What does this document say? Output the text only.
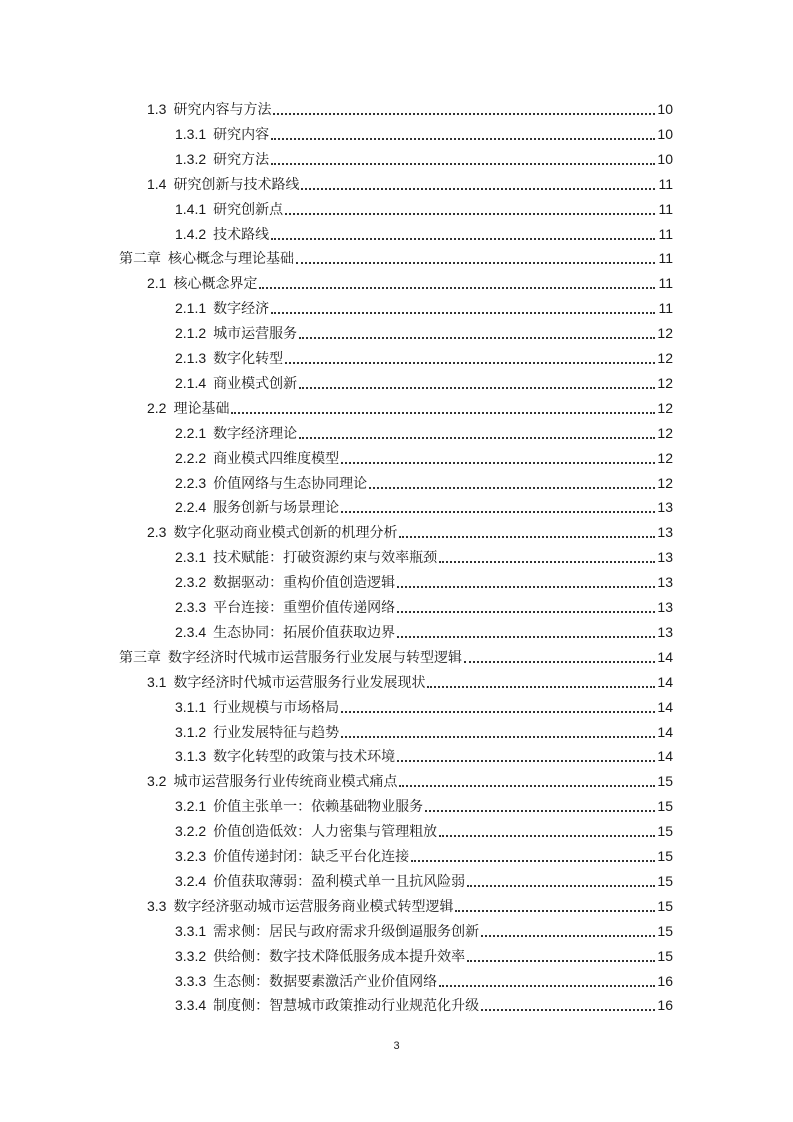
1.3 研究内容与方法	10
1.3.1 研究内容	10
1.3.2 研究方法	10
1.4 研究创新与技术路线	11
1.4.1 研究创新点	11
1.4.2 技术路线	11
第二章 核心概念与理论基础	11
2.1 核心概念界定	11
2.1.1 数字经济	11
2.1.2 城市运营服务	12
2.1.3 数字化转型	12
2.1.4 商业模式创新	12
2.2 理论基础	12
2.2.1 数字经济理论	12
2.2.2 商业模式四维度模型	12
2.2.3 价值网络与生态协同理论	12
2.2.4 服务创新与场景理论	13
2.3 数字化驱动商业模式创新的机理分析	13
2.3.1 技术赋能：打破资源约束与效率瓶颈	13
2.3.2 数据驱动：重构价值创造逻辑	13
2.3.3 平台连接：重塑价值传递网络	13
2.3.4 生态协同：拓展价值获取边界	13
第三章 数字经济时代城市运营服务行业发展与转型逻辑	14
3.1 数字经济时代城市运营服务行业发展现状	14
3.1.1 行业规模与市场格局	14
3.1.2 行业发展特征与趋势	14
3.1.3 数字化转型的政策与技术环境	14
3.2 城市运营服务行业传统商业模式痛点	15
3.2.1 价值主张单一：依赖基础物业服务	15
3.2.2 价值创造低效：人力密集与管理粗放	15
3.2.3 价值传递封闭：缺乏平台化连接	15
3.2.4 价值获取薄弱：盈利模式单一且抗风险弱	15
3.3 数字经济驱动城市运营服务商业模式转型逻辑	15
3.3.1 需求侧：居民与政府需求升级倒逼服务创新	15
3.3.2 供给侧：数字技术降低服务成本提升效率	15
3.3.3 生态侧：数据要素激活产业价值网络	16
3.3.4 制度侧：智慧城市政策推动行业规范化升级	16
3
